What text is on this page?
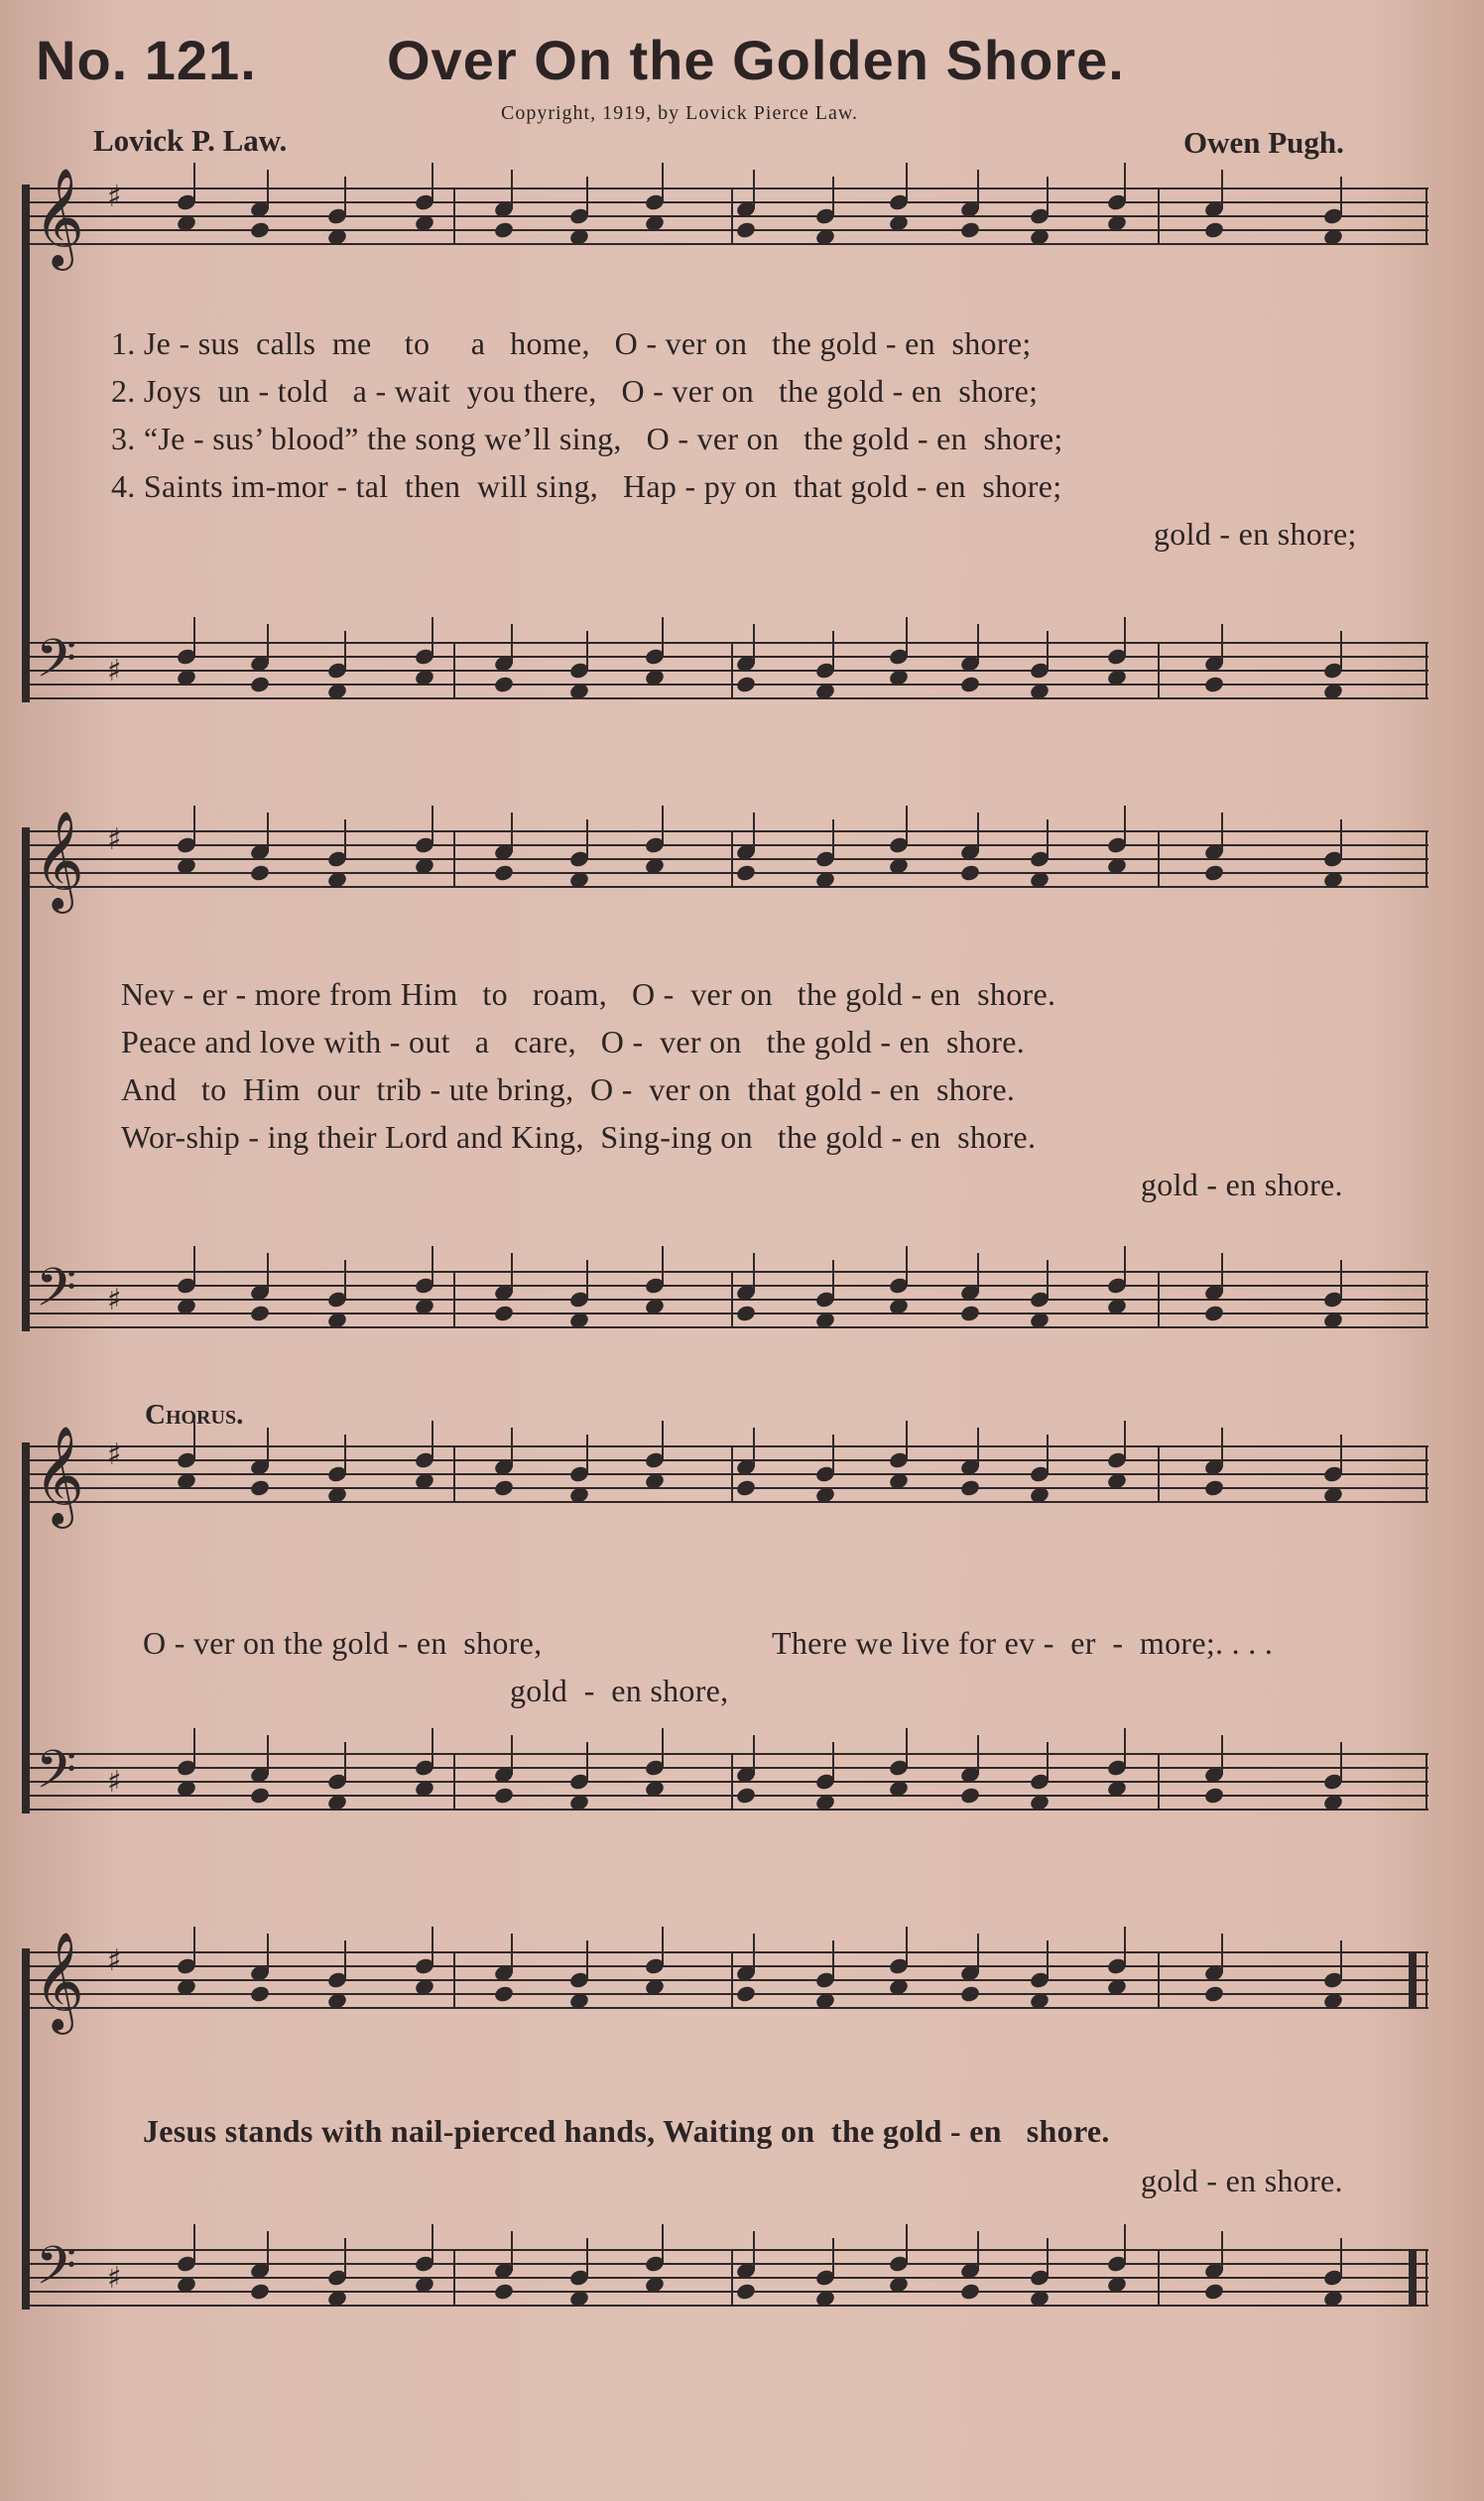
𝄞
𝄢
♯
♯
𝄞
𝄢
♯
♯
𝄞
𝄢
♯
♯
𝄞
𝄢
♯
♯
No. 121. Over On the Golden Shore.
Copyright, 1919, by Lovick Pierce Law.
Lovick P. Law.	Owen Pugh.
1. Je - sus  calls  me    to     a   home,   O - ver on   the gold - en  shore;
2. Joys  un - told   a - wait  you there,   O - ver on   the gold - en  shore;
3. “Je - sus’ blood” the song we’ll sing,   O - ver on   the gold - en  shore;
4. Saints im-mor - tal  then  will sing,   Hap - py on  that gold - en  shore;
gold - en shore;
Nev - er - more from Him   to   roam,   O -  ver on   the gold - en  shore.
Peace and love with - out   a   care,   O -  ver on   the gold - en  shore.
And   to  Him  our  trib - ute bring,  O -  ver on  that gold - en  shore.
Wor-ship - ing their Lord and King,  Sing-ing on   the gold - en  shore.
gold - en shore.
Chorus.
O - ver on the gold - en  shore,	There we live for ev -  er  -  more;. . . .
gold  -  en shore,
Jesus stands with nail-pierced hands, Waiting on  the gold - en   shore.
gold - en shore.
